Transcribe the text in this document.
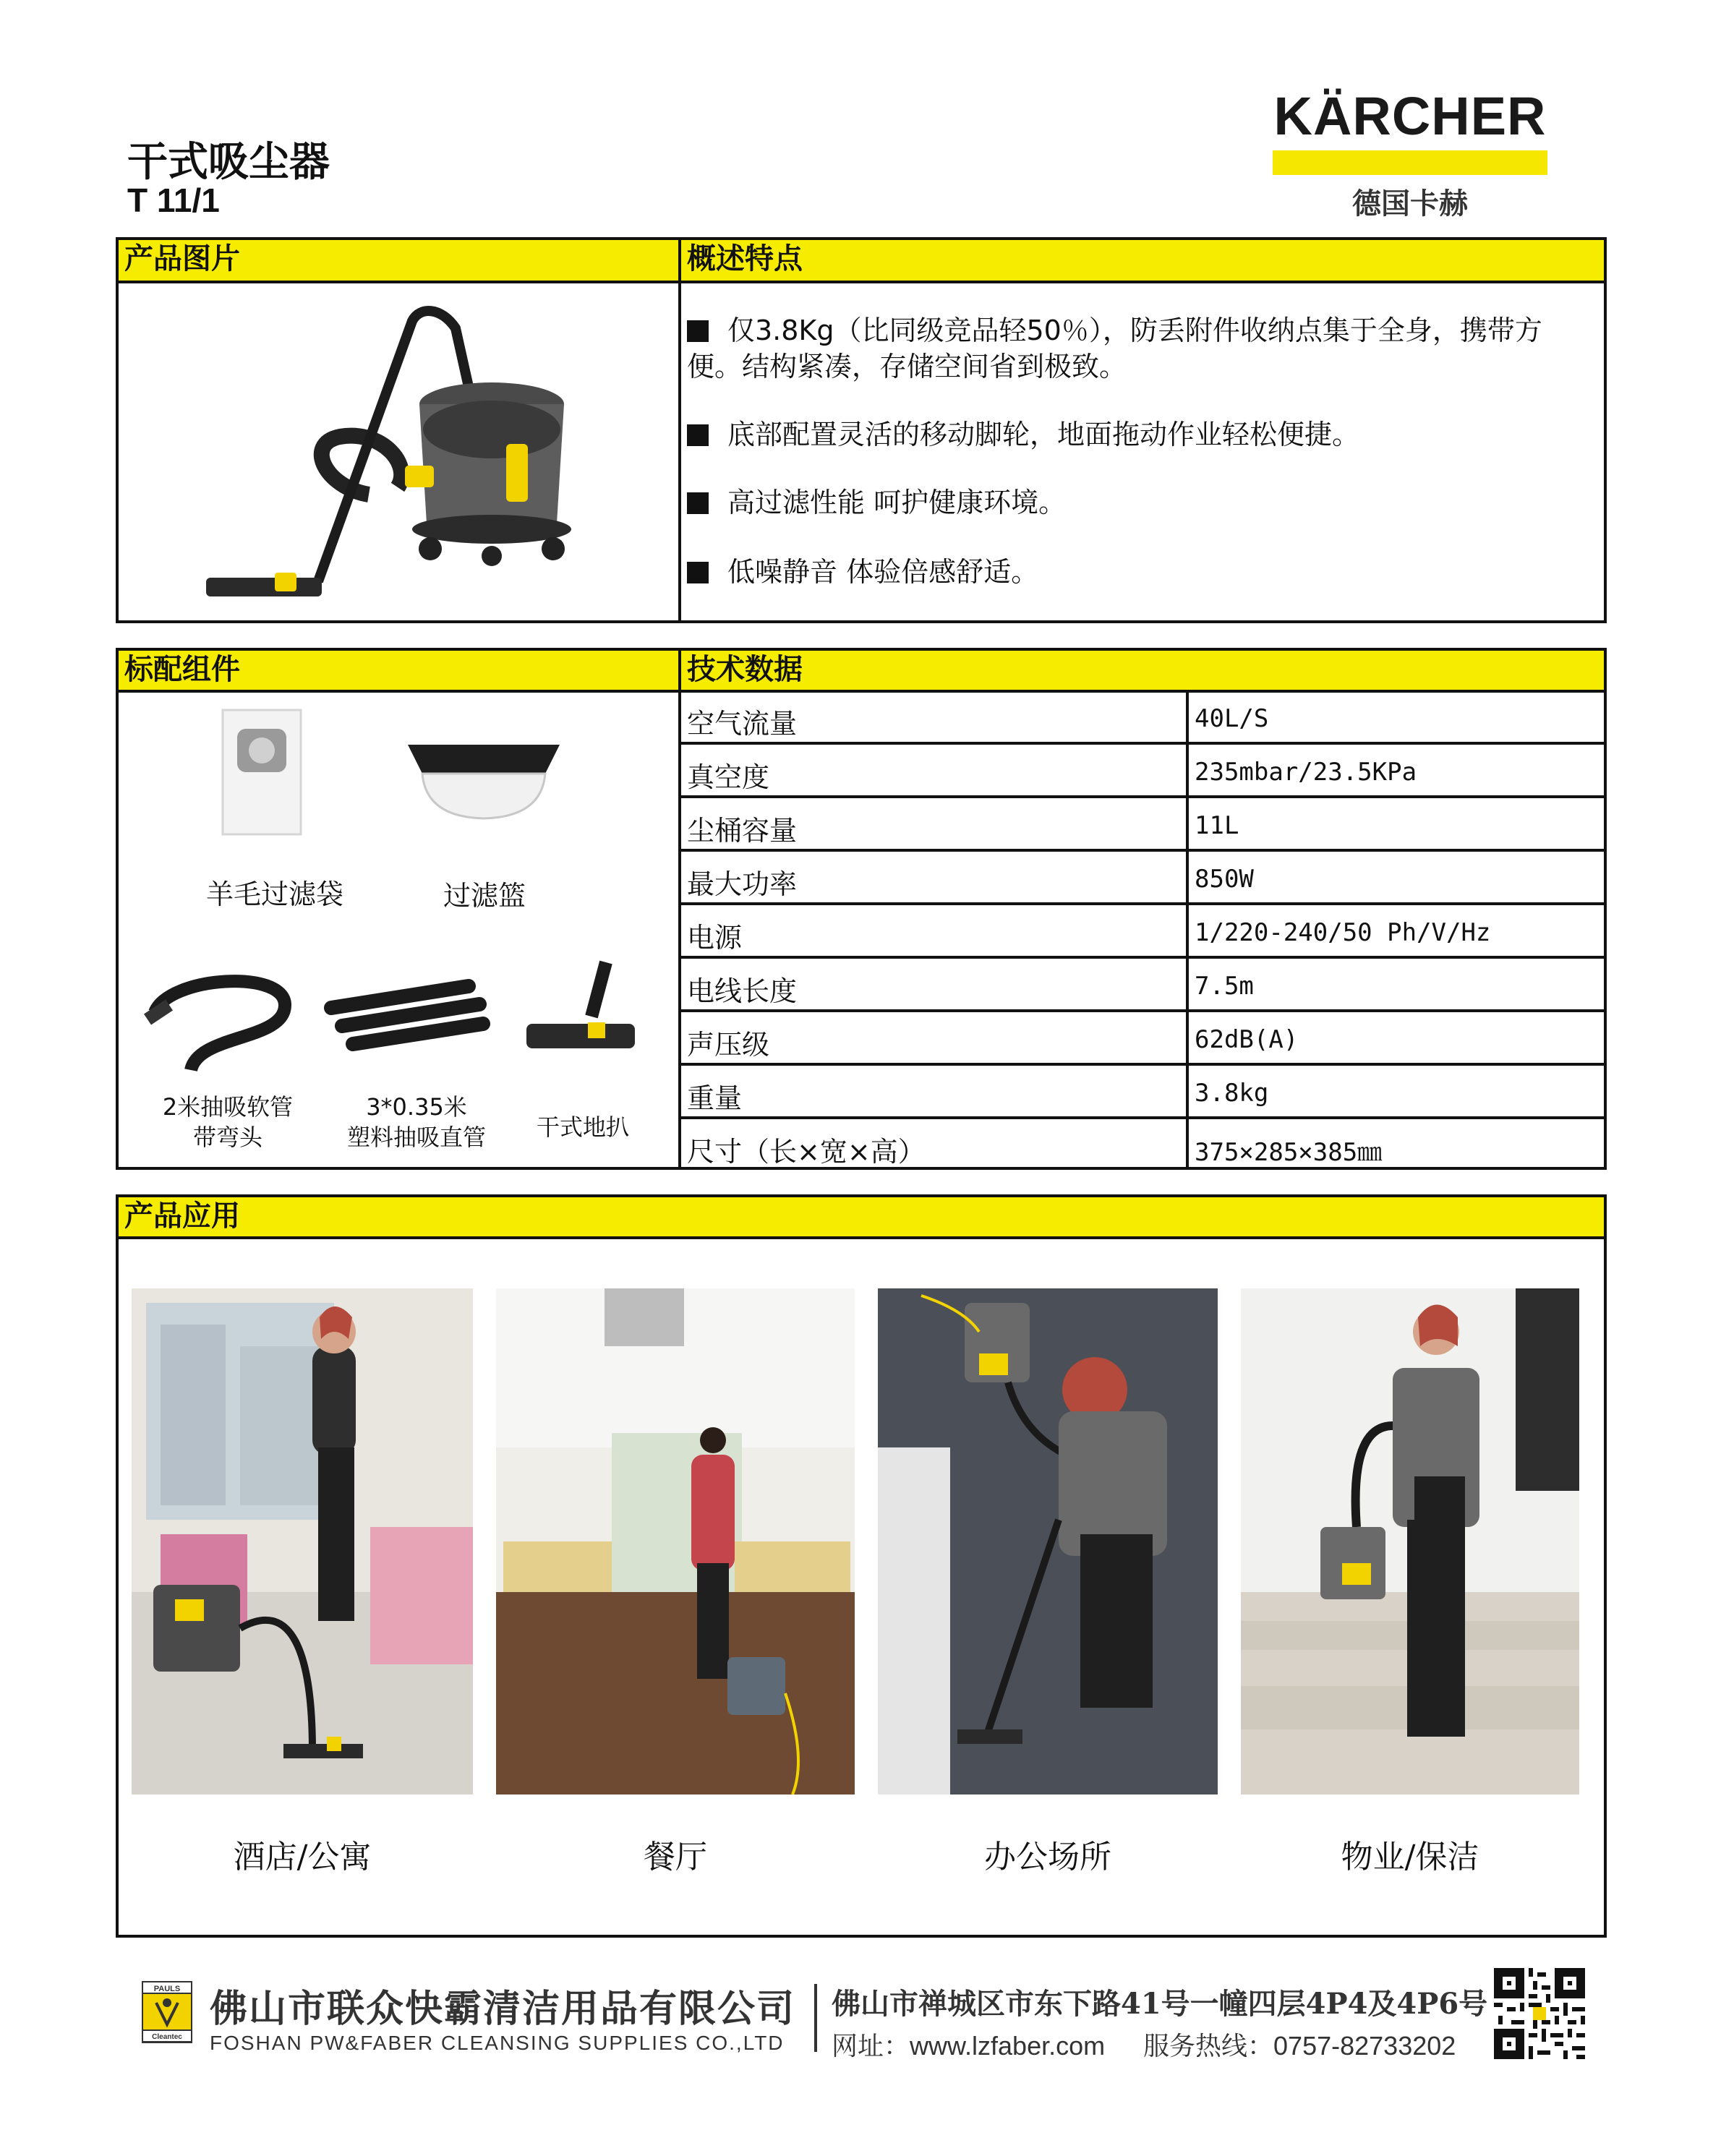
干式吸尘器
T 11/1
KÄRCHER
德国卡赫
产品图片	概述特点
仅3.8Kg（比同级竞品轻50％），防丢附件收纳点集于全身，携带方便。结构紧凑，存储空间省到极致。
底部配置灵活的移动脚轮，地面拖动作业轻松便捷。
高过滤性能 呵护健康环境。
低噪静音 体验倍感舒适。
标配组件	技术数据
空气流量	40L/S
真空度	235mbar/23.5KPa
尘桶容量	11L
最大功率	850W
电源	1/220-240/50 Ph/V/Hz
电线长度	7.5m
声压级	62dB(A)
重量	3.8kg
尺寸（长×宽×高）	375×285×385㎜
羊毛过滤袋	过滤篮
2米抽吸软管
带弯头
3*0.35米
塑料抽吸直管	干式地扒
产品应用
酒店/公寓	餐厅	办公场所	物业/保洁
PAULS
Cleantec
佛山市联众快霸清洁用品有限公司
FOSHAN PW&FABER CLEANSING SUPPLIES CO.,LTD
佛山市禅城区市东下路41号一幢四层4P4及4P6号
网址：www.lzfaber.com 服务热线：0757-82733202
